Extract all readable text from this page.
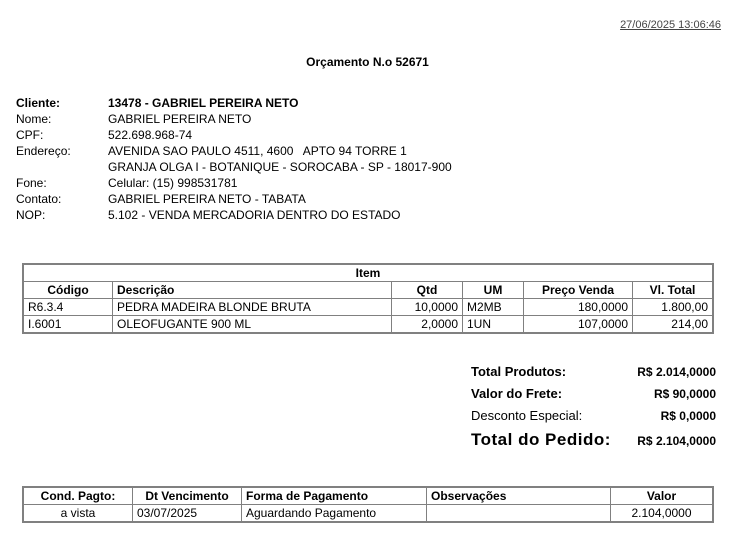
27/06/2025 13:06:46
Orçamento N.o 52671
Cliente:	13478 - GABRIEL PEREIRA NETO
Nome:	GABRIEL PEREIRA NETO
CPF:	522.698.968-74
Endereço:	AVENIDA SAO PAULO 4511, 4600   APTO 94 TORRE 1
GRANJA OLGA I - BOTANIQUE - SOROCABA - SP - 18017-900
Fone:	Celular: (15) 998531781
Contato:	GABRIEL PEREIRA NETO - TABATA
NOP:	5.102 - VENDA MERCADORIA DENTRO DO ESTADO
Item					
Código	Descrição	Qtd	UM	Preço Venda	Vl. Total
R6.3.4	PEDRA MADEIRA BLONDE BRUTA	10,0000	M2MB	180,0000	1.800,00
I.6001	OLEOFUGANTE 900 ML	2,0000	1UN	107,0000	214,00
Total Produtos:	R$ 2.014,0000
Valor do Frete:	R$ 90,0000
Desconto Especial:	R$ 0,0000
Total do Pedido: R$ 2.104,0000
Cond. Pagto:	Dt Vencimento	Forma de Pagamento	Observações	Valor
a vista	03/07/2025	Aguardando Pagamento		2.104,0000
